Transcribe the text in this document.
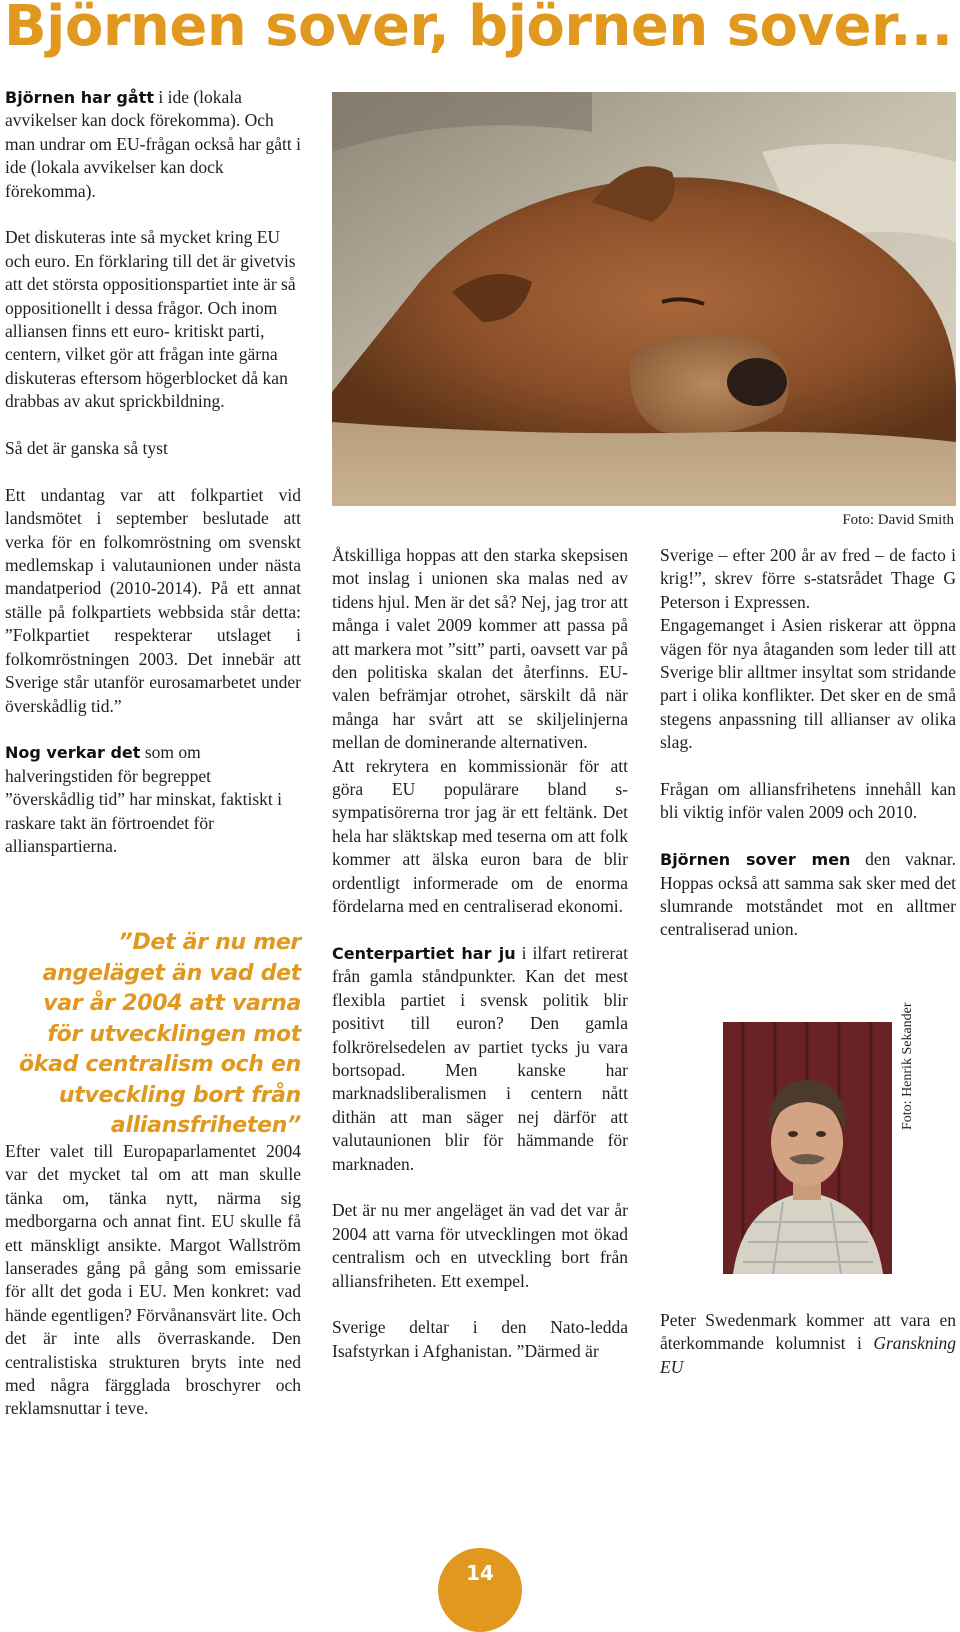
Björnen sover, björnen sover...

Björnen har gått i ide (lokala avvikelser kan dock förekomma). Och man undrar om EU-frågan också har gått i ide (lokala avvikelser kan dock förekomma).

Det diskuteras inte så mycket kring EU och euro. En förklaring till det är givetvis att det största oppositionspartiet inte är så oppositionellt i dessa frågor. Och inom alliansen finns ett euro- kritiskt parti, centern, vilket gör att frågan inte gärna diskuteras eftersom högerblocket då kan drabbas av akut sprickbildning.

Så det är ganska så tyst

Ett undantag var att folkpartiet vid landsmötet i september beslutade att verka för en folkomröstning om svenskt medlemskap i valutaunionen under nästa mandatperiod (2010-2014). På ett annat ställe på folkpartiets webbsida står detta: ”Folkpartiet respekterar utslaget i folkomröstningen 2003. Det innebär att Sverige står utanför eurosamarbetet under överskådlig tid.”

Nog verkar det som om halveringstiden för begreppet ”överskådlig tid” har minskat, faktiskt i raskare takt än förtroendet för allianspartierna.

”Det är nu mer angeläget än vad det var år 2004 att varna för utvecklingen mot ökad centralism och en utveckling bort från alliansfriheten”

Efter valet till Europaparlamentet 2004 var det mycket tal om att man skulle tänka om, tänka nytt, närma sig medborgarna och annat fint. EU skulle få ett mänskligt ansikte. Margot Wallström lanserades gång på gång som emissarie för allt det goda i EU. Men konkret: vad hände egentligen? Förvånansvärt lite. Och det är inte alls överraskande. Den centralistiska strukturen bryts inte ned med några färgglada broschyrer och reklamsnuttar i teve.

Foto: David Smith

Åtskilliga hoppas att den starka skepsisen mot inslag i unionen ska malas ned av tidens hjul. Men är det så? Nej, jag tror att många i valet 2009 kommer att passa på att markera mot ”sitt” parti, oavsett var på den politiska skalan det återfinns. EU-valen befrämjar otrohet, särskilt då när många har svårt att se skiljelinjerna mellan de dominerande alternativen.

Att rekrytera en kommissionär för att göra EU populärare bland s- sympatisörerna tror jag är ett feltänk. Det hela har släktskap med teserna om att folk kommer att älska euron bara de blir ordentligt informerade om de enorma fördelarna med en centraliserad ekonomi.

Centerpartiet har ju i ilfart retirerat från gamla ståndpunkter. Kan det mest flexibla partiet i svensk politik blir positivt till euron? Den gamla folkrörelsedelen av partiet tycks ju vara bortsopad. Men kanske har marknadsliberalismen i centern nått dithän att man säger nej därför att valutaunionen blir för hämmande för marknaden.

Det är nu mer angeläget än vad det var år 2004 att varna för utvecklingen mot ökad centralism och en utveckling bort från alliansfriheten. Ett exempel.

Sverige deltar i den Nato-ledda Isafstyrkan i Afghanistan. ”Därmed är

Sverige – efter 200 år av fred – de facto i krig!”, skrev förre s-statsrådet Thage G Peterson i Expressen.

Engagemanget i Asien riskerar att öppna vägen för nya åtaganden som leder till att Sverige blir alltmer insyltat som stridande part i olika konflikter. Det sker en de små stegens anpassning till allianser av olika slag.

Frågan om alliansfrihetens innehåll kan bli viktig inför valen 2009 och 2010.

Björnen sover men den vaknar. Hoppas också att samma sak sker med det slumrande motståndet mot en alltmer centraliserad union.

Foto: Henrik Sekander

Peter Swedenmark kommer att vara en återkommande kolumnist i Granskning EU

14
